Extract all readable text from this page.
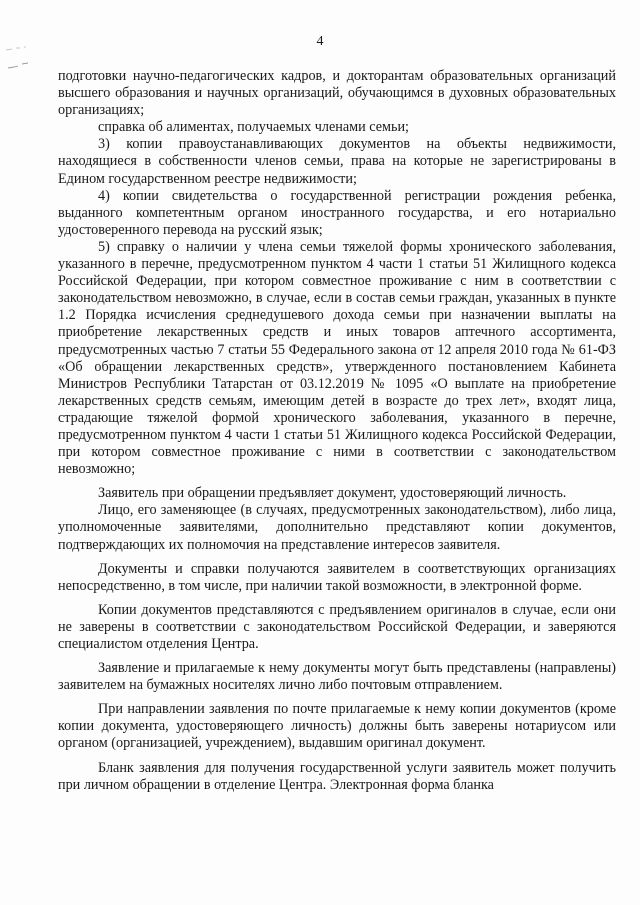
4

подготовки научно-педагогических кадров, и докторантам образовательных организаций высшего образования и научных организаций, обучающимся в духовных образовательных организациях;

справка об алиментах, получаемых членами семьи;

3) копии правоустанавливающих документов на объекты недвижимости, находящиеся в собственности членов семьи, права на которые не зарегистрированы в Едином государственном реестре недвижимости;

4) копии свидетельства о государственной регистрации рождения ребенка, выданного компетентным органом иностранного государства, и его нотариально удостоверенного перевода на русский язык;

5) справку о наличии у члена семьи тяжелой формы хронического заболевания, указанного в перечне, предусмотренном пунктом 4 части 1 статьи 51 Жилищного кодекса Российской Федерации, при котором совместное проживание с ним в соответствии с законодательством невозможно, в случае, если в состав семьи граждан, указанных в пункте 1.2 Порядка исчисления среднедушевого дохода семьи при назначении выплаты на приобретение лекарственных средств и иных товаров аптечного ассортимента, предусмотренных частью 7 статьи 55 Федерального закона от 12 апреля 2010 года № 61-ФЗ «Об обращении лекарственных средств», утвержденного постановлением Кабинета Министров Республики Татарстан от 03.12.2019 № 1095 «О выплате на приобретение лекарственных средств семьям, имеющим детей в возрасте до трех лет», входят лица, страдающие тяжелой формой хронического заболевания, указанного в перечне, предусмотренном пунктом 4 части 1 статьи 51 Жилищного кодекса Российской Федерации, при котором совместное проживание с ними в соответствии с законодательством невозможно;

Заявитель при обращении предъявляет документ, удостоверяющий личность.

Лицо, его заменяющее (в случаях, предусмотренных законодательством), либо лица, уполномоченные заявителями, дополнительно представляют копии документов, подтверждающих их полномочия на представление интересов заявителя.

Документы и справки получаются заявителем в соответствующих организациях непосредственно, в том числе, при наличии такой возможности, в электронной форме.

Копии документов представляются с предъявлением оригиналов в случае, если они не заверены в соответствии с законодательством Российской Федерации, и заверяются специалистом отделения Центра.

Заявление и прилагаемые к нему документы могут быть представлены (направлены) заявителем на бумажных носителях лично либо почтовым отправлением.

При направлении заявления по почте прилагаемые к нему копии документов (кроме копии документа, удостоверяющего личность) должны быть заверены нотариусом или органом (организацией, учреждением), выдавшим оригинал документ.

Бланк заявления для получения государственной услуги заявитель может получить при личном обращении в отделение Центра. Электронная форма бланка
